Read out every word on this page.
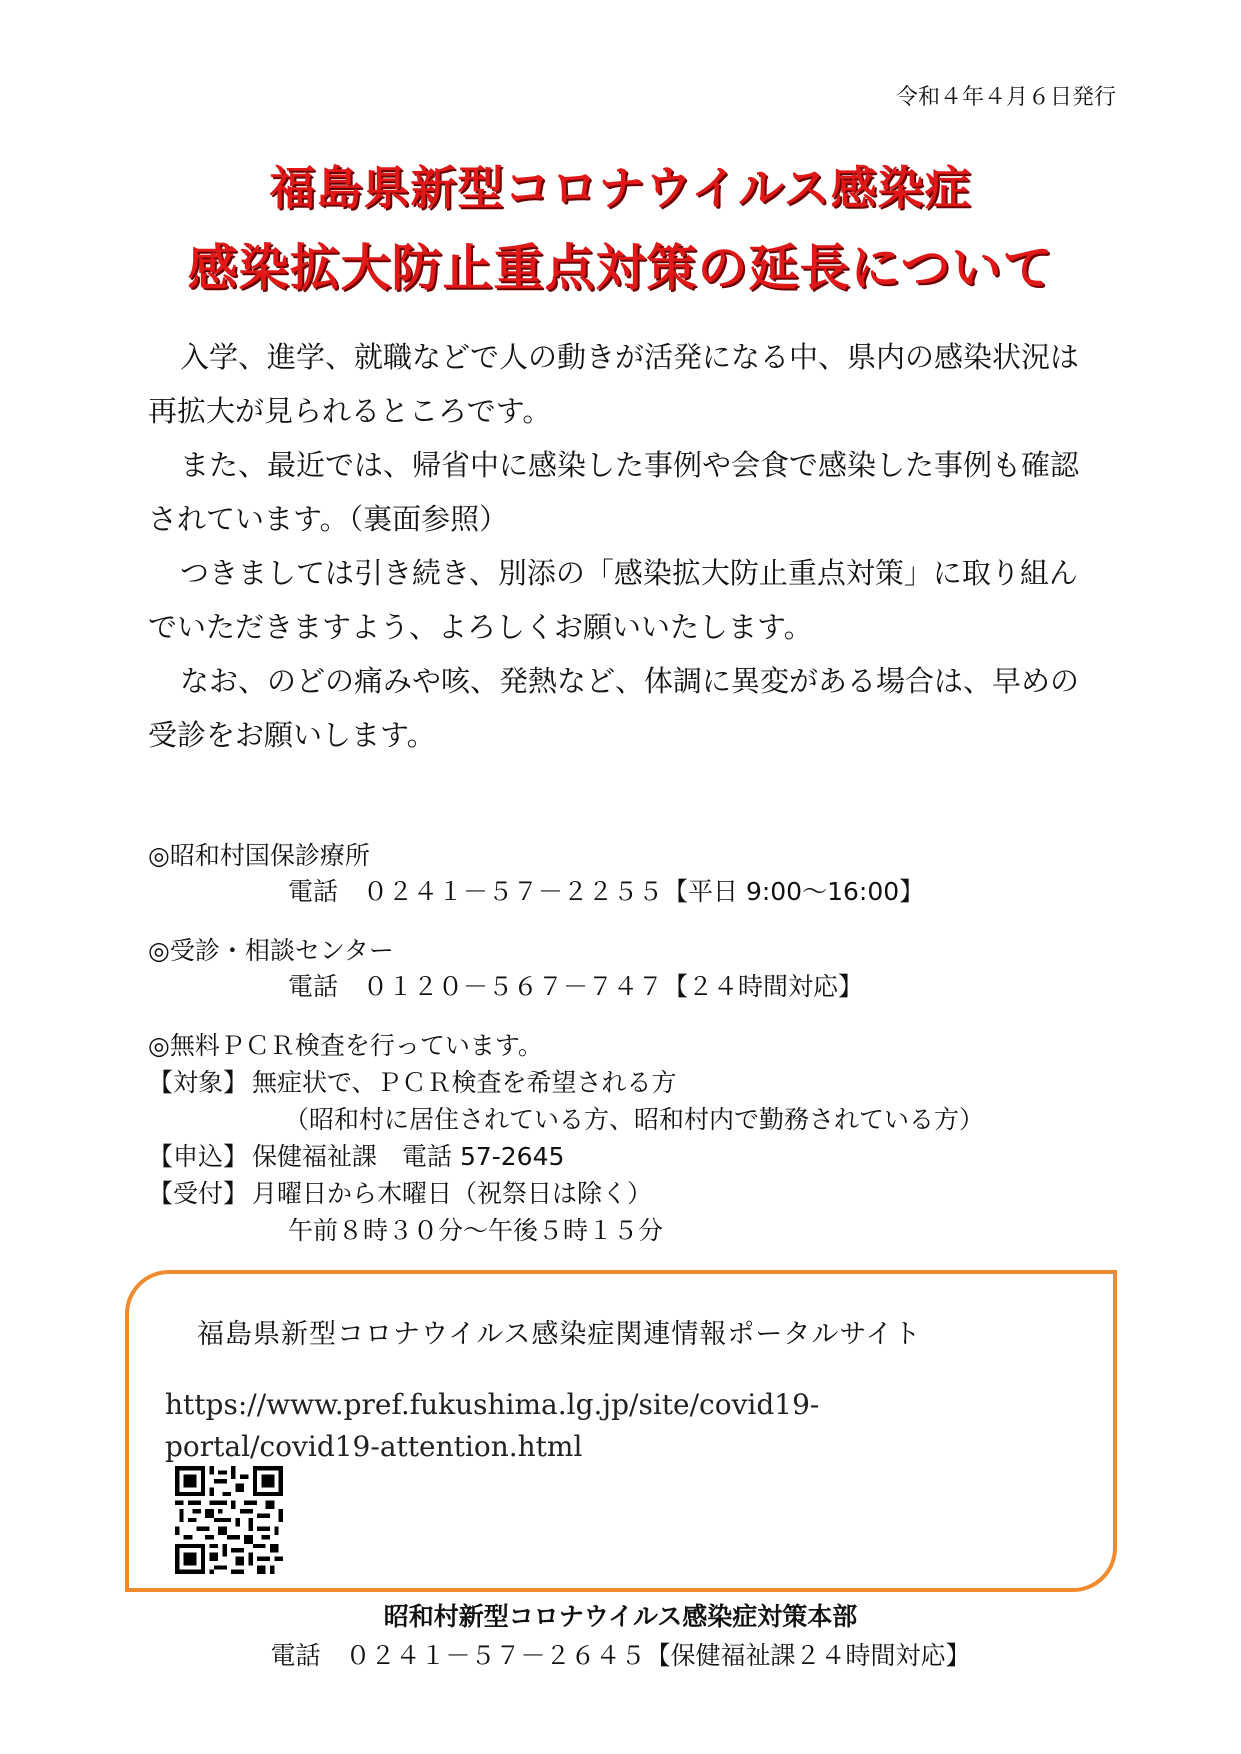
令和４年４月６日発行
福島県新型コロナウイルス感染症
感染拡大防止重点対策の延長について

入学、進学、就職などで人の動きが活発になる中、県内の感染状況は再拡大が見られるところです。

また、最近では、帰省中に感染した事例や会食で感染した事例も確認されています。（裏面参照）

つきましては引き続き、別添の「感染拡大防止重点対策」に取り組んでいただきますよう、よろしくお願いいたします。

なお、のどの痛みや咳、発熱など、体調に異変がある場合は、早めの受診をお願いします。

◎昭和村国保診療所
電話　０２４１－５７－２２５５【平日 9:00～16:00】
◎受診・相談センター
電話　０１２０－５６７－７４７【２４時間対応】
◎無料ＰＣＲ検査を行っています。
【対象】 無症状で、ＰＣＲ検査を希望される方
（昭和村に居住されている方、昭和村内で勤務されている方）
【申込】 保健福祉課　電話 57-2645
【受付】 月曜日から木曜日（祝祭日は除く）
午前８時３０分～午後５時１５分
福島県新型コロナウイルス感染症関連情報ポータルサイト
https://www.pref.fukushima.lg.jp/site/covid19-
portal/covid19-attention.html
昭和村新型コロナウイルス感染症対策本部
電話　０２４１－５７－２６４５【保健福祉課２４時間対応】
